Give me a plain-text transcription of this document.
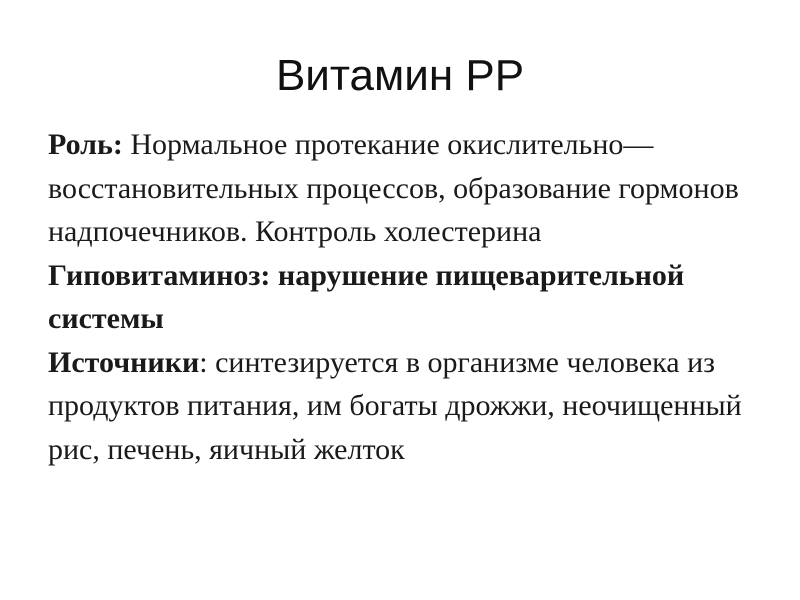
Витамин РР

Роль: Нормальное протекание окислительно—восстановительных процессов, образование гормонов надпочечников. Контроль холестерина

Гиповитаминоз: нарушение пищеварительной системы

Источники: синтезируется в организме человека из продуктов питания, им богаты дрожжи, неочищенный рис, печень, яичный желток
